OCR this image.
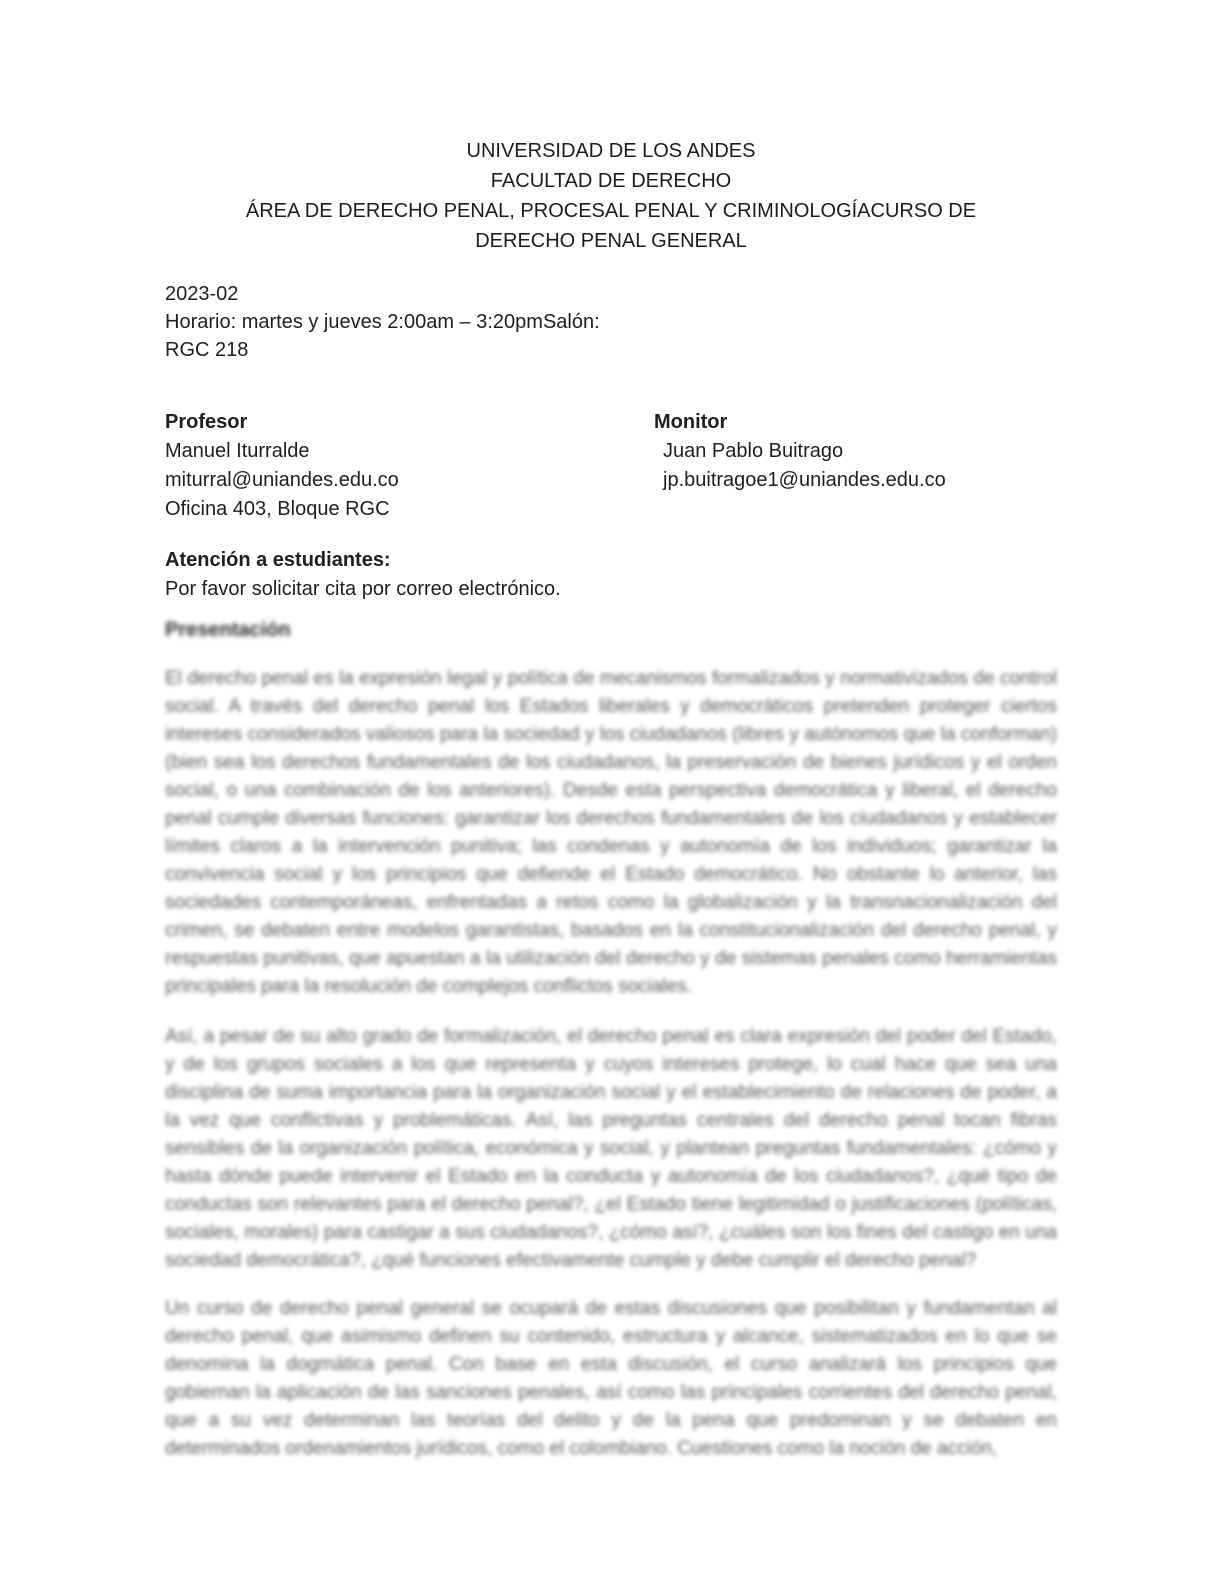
UNIVERSIDAD DE LOS ANDES
FACULTAD DE DERECHO
ÁREA DE DERECHO PENAL, PROCESAL PENAL Y CRIMINOLOGÍACURSO DE
DERECHO PENAL GENERAL
2023-02
Horario: martes y jueves 2:00am – 3:20pmSalón:
RGC 218
Profesor
Manuel Iturralde
miturral@uniandes.edu.co
Oficina 403, Bloque RGC
Monitor
Juan Pablo Buitrago
jp.buitragoe1@uniandes.edu.co
Atención a estudiantes:
Por favor solicitar cita por correo electrónico.
Presentación

El derecho penal es la expresión legal y política de mecanismos formalizados y normativizados de control social. A través del derecho penal los Estados liberales y democráticos pretenden proteger ciertos intereses considerados valiosos para la sociedad y los ciudadanos (libres y autónomos que la conforman) (bien sea los derechos fundamentales de los ciudadanos, la preservación de bienes jurídicos y el orden social, o una combinación de los anteriores). Desde esta perspectiva democrática y liberal, el derecho penal cumple diversas funciones: garantizar los derechos fundamentales de los ciudadanos y establecer límites claros a la intervención punitiva; las condenas y autonomía de los individuos; garantizar la convivencia social y los principios que defiende el Estado democrático. No obstante lo anterior, las sociedades contemporáneas, enfrentadas a retos como la globalización y la transnacionalización del crimen, se debaten entre modelos garantistas, basados en la constitucionalización del derecho penal, y respuestas punitivas, que apuestan a la utilización del derecho y de sistemas penales como herramientas principales para la resolución de complejos conflictos sociales.

Así, a pesar de su alto grado de formalización, el derecho penal es clara expresión del poder del Estado, y de los grupos sociales a los que representa y cuyos intereses protege, lo cual hace que sea una disciplina de suma importancia para la organización social y el establecimiento de relaciones de poder, a la vez que conflictivas y problemáticas. Así, las preguntas centrales del derecho penal tocan fibras sensibles de la organización política, económica y social, y plantean preguntas fundamentales: ¿cómo y hasta dónde puede intervenir el Estado en la conducta y autonomía de los ciudadanos?, ¿qué tipo de conductas son relevantes para el derecho penal?, ¿el Estado tiene legitimidad o justificaciones (políticas, sociales, morales) para castigar a sus ciudadanos?, ¿cómo así?, ¿cuáles son los fines del castigo en una sociedad democrática?, ¿qué funciones efectivamente cumple y debe cumplir el derecho penal?

Un curso de derecho penal general se ocupará de estas discusiones que posibilitan y fundamentan al derecho penal, que asimismo definen su contenido, estructura y alcance, sistematizados en lo que se denomina la dogmática penal. Con base en esta discusión, el curso analizará los principios que gobiernan la aplicación de las sanciones penales, así como las principales corrientes del derecho penal, que a su vez determinan las teorías del delito y de la pena que predominan y se debaten en determinados ordenamientos jurídicos, como el colombiano. Cuestiones como la noción de acción,
